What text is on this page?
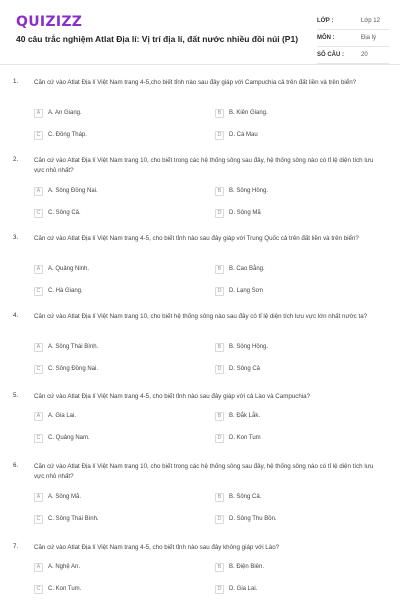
QUIZIZZ
40 câu trắc nghiệm Atlat Địa lí: Vị trí địa lí, đất nước nhiều đồi núi (P1)
LỚP :	Lớp 12
MÔN :	Địa lý
SỐ CÂU :	20
1.	Căn cứ vào Atlat Địa lí Việt Nam trang 4-5,cho biết tỉnh nào sau đây giáp với Campuchia cả trên đất liền và trên biển?
A	A. An Giang.	B	B. Kiên Giang.
C	C. Đồng Tháp.	D	D. Cà Mau
2.	Căn cứ vào Atlat Địa lí Việt Nam trang 10, cho biết trong các hệ thống sông sau đây, hệ thống sông nào có tỉ lệ diện tích lưu vực nhỏ nhất?
A	A. Sông Đồng Nai.	B	B. Sông Hồng.
C	C. Sông Cả.	D	D. Sông Mã
3.	Căn cứ vào Atlat Địa lí Việt Nam trang 4-5, cho biết tỉnh nào sau đây giáp với Trung Quốc cả trên đất liền và trên biển?
A	A. Quảng Ninh.	B	B. Cao Bằng.
C	C. Hà Giang.	D	D. Lạng Sơn
4.	Căn cứ vào Atlat Địa lí Việt Nam trang 10, cho biết hệ thống sông nào sau đây có tỉ lệ diện tích lưu vực lớn nhất nước ta?
A	A. Sông Thái Bình.	B	B. Sông Hồng.
C	C. Sông Đồng Nai.	D	D. Sông Cả
5.	Căn cứ vào Atlat Địa lí Việt Nam trang 4-5, cho biết tỉnh nào sau đây giáp với cả Lào và Campuchia?
A	A. Gia Lai.	B	B. Đắk Lắk.
C	C. Quảng Nam.	D	D. Kon Tum
6.	Căn cứ vào Atlat Địa lí Việt Nam trang 10, cho biết trong các hệ thống sông sau đây, hệ thống sông nào có tỉ lệ diện tích lưu vực nhỏ nhất?
A	A. Sông Mã.	B	B. Sông Cả.
C	C. Sông Thái Bình.	D	D. Sông Thu Bồn.
7.	Căn cứ vào Atlat Địa lí Việt Nam trang 4-5, cho biết tỉnh nào sau đây không giáp với Lào?
A	A. Nghệ An.	B	B. Điện Biên.
C	C. Kon Tum.	D	D. Gia Lai.
